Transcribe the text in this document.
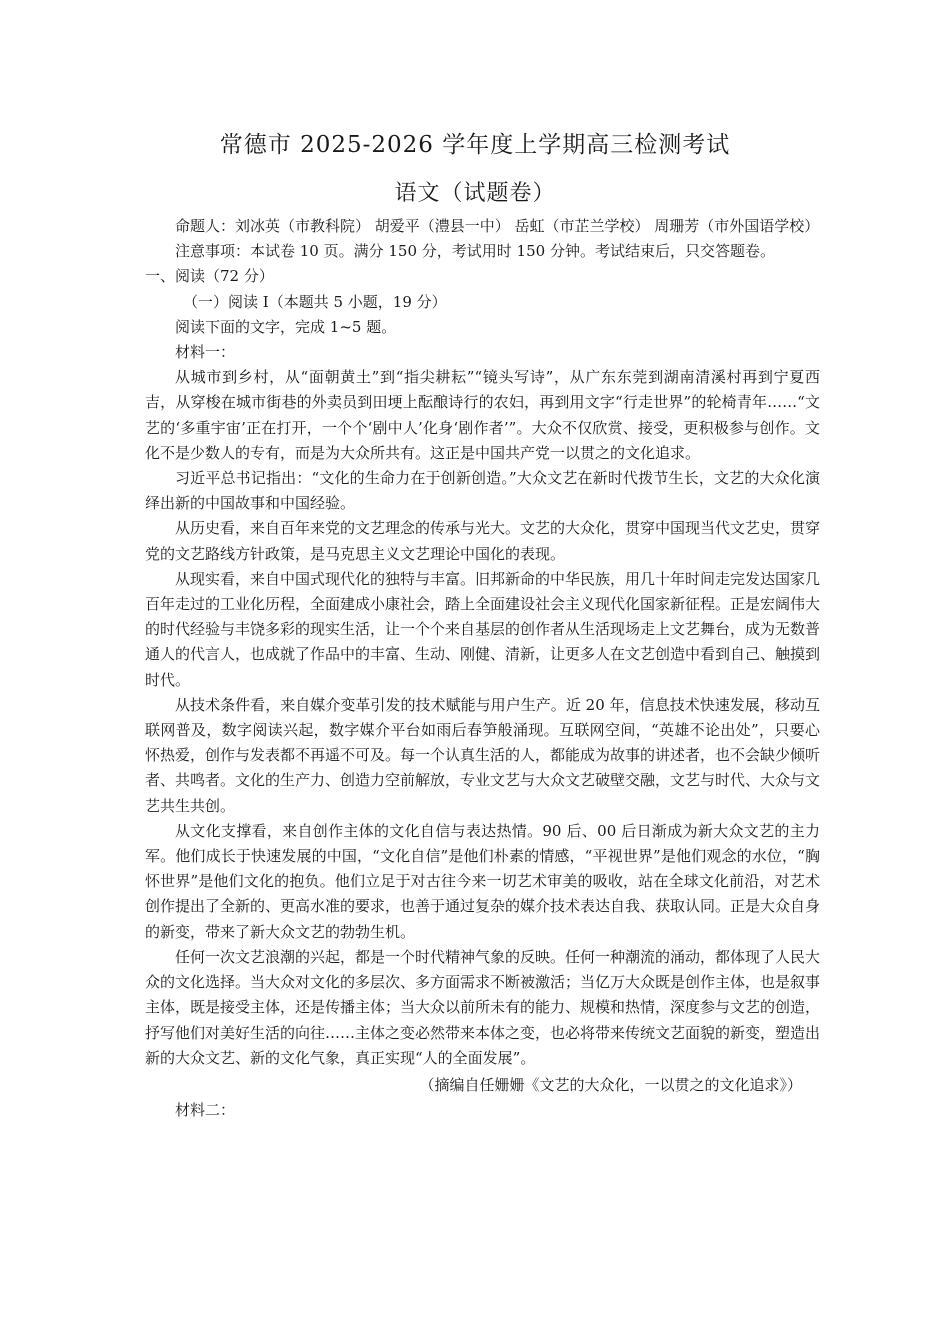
常德市 2025-2026 学年度上学期高三检测考试
语文（试题卷）

命题人：刘冰英（市教科院） 胡爱平（澧县一中） 岳虹（市芷兰学校） 周珊芳（市外国语学校）

注意事项：本试卷 10 页。满分 150 分，考试用时 150 分钟。考试结束后，只交答题卷。

一、阅读（72 分）

（一）阅读 I（本题共 5 小题，19 分）

阅读下面的文字，完成 1~5 题。

材料一：

从城市到乡村，从“面朝黄土”到“指尖耕耘”“镜头写诗”，从广东东莞到湖南清溪村再到宁夏西吉，从穿梭在城市街巷的外卖员到田埂上酝酿诗行的农妇，再到用文字“行走世界”的轮椅青年……“文艺的‘多重宇宙’正在打开，一个个‘剧中人’化身‘剧作者’”。大众不仅欣赏、接受，更积极参与创作。文化不是少数人的专有，而是为大众所共有。这正是中国共产党一以贯之的文化追求。

习近平总书记指出：“文化的生命力在于创新创造。”大众文艺在新时代拨节生长，文艺的大众化演绎出新的中国故事和中国经验。

从历史看，来自百年来党的文艺理念的传承与光大。文艺的大众化，贯穿中国现当代文艺史，贯穿党的文艺路线方针政策，是马克思主义文艺理论中国化的表现。

从现实看，来自中国式现代化的独特与丰富。旧邦新命的中华民族，用几十年时间走完发达国家几百年走过的工业化历程，全面建成小康社会，踏上全面建设社会主义现代化国家新征程。正是宏阔伟大的时代经验与丰饶多彩的现实生活，让一个个来自基层的创作者从生活现场走上文艺舞台，成为无数普通人的代言人，也成就了作品中的丰富、生动、刚健、清新，让更多人在文艺创造中看到自己、触摸到时代。

从技术条件看，来自媒介变革引发的技术赋能与用户生产。近 20 年，信息技术快速发展，移动互联网普及，数字阅读兴起，数字媒介平台如雨后春笋般涌现。互联网空间，“英雄不论出处”，只要心怀热爱，创作与发表都不再遥不可及。每一个认真生活的人，都能成为故事的讲述者，也不会缺少倾听者、共鸣者。文化的生产力、创造力空前解放，专业文艺与大众文艺破壁交融，文艺与时代、大众与文艺共生共创。

从文化支撑看，来自创作主体的文化自信与表达热情。90 后、00 后日渐成为新大众文艺的主力军。他们成长于快速发展的中国，“文化自信”是他们朴素的情感，“平视世界”是他们观念的水位，“胸怀世界”是他们文化的抱负。他们立足于对古往今来一切艺术审美的吸收，站在全球文化前沿，对艺术创作提出了全新的、更高水准的要求，也善于通过复杂的媒介技术表达自我、获取认同。正是大众自身的新变，带来了新大众文艺的勃勃生机。

任何一次文艺浪潮的兴起，都是一个时代精神气象的反映。任何一种潮流的涌动，都体现了人民大众的文化选择。当大众对文化的多层次、多方面需求不断被激活；当亿万大众既是创作主体，也是叙事主体，既是接受主体，还是传播主体；当大众以前所未有的能力、规模和热情，深度参与文艺的创造，抒写他们对美好生活的向往……主体之变必然带来本体之变，也必将带来传统文艺面貌的新变，塑造出新的大众文艺、新的文化气象，真正实现“人的全面发展”。

（摘编自任姗姗《文艺的大众化，一以贯之的文化追求》）

材料二：
